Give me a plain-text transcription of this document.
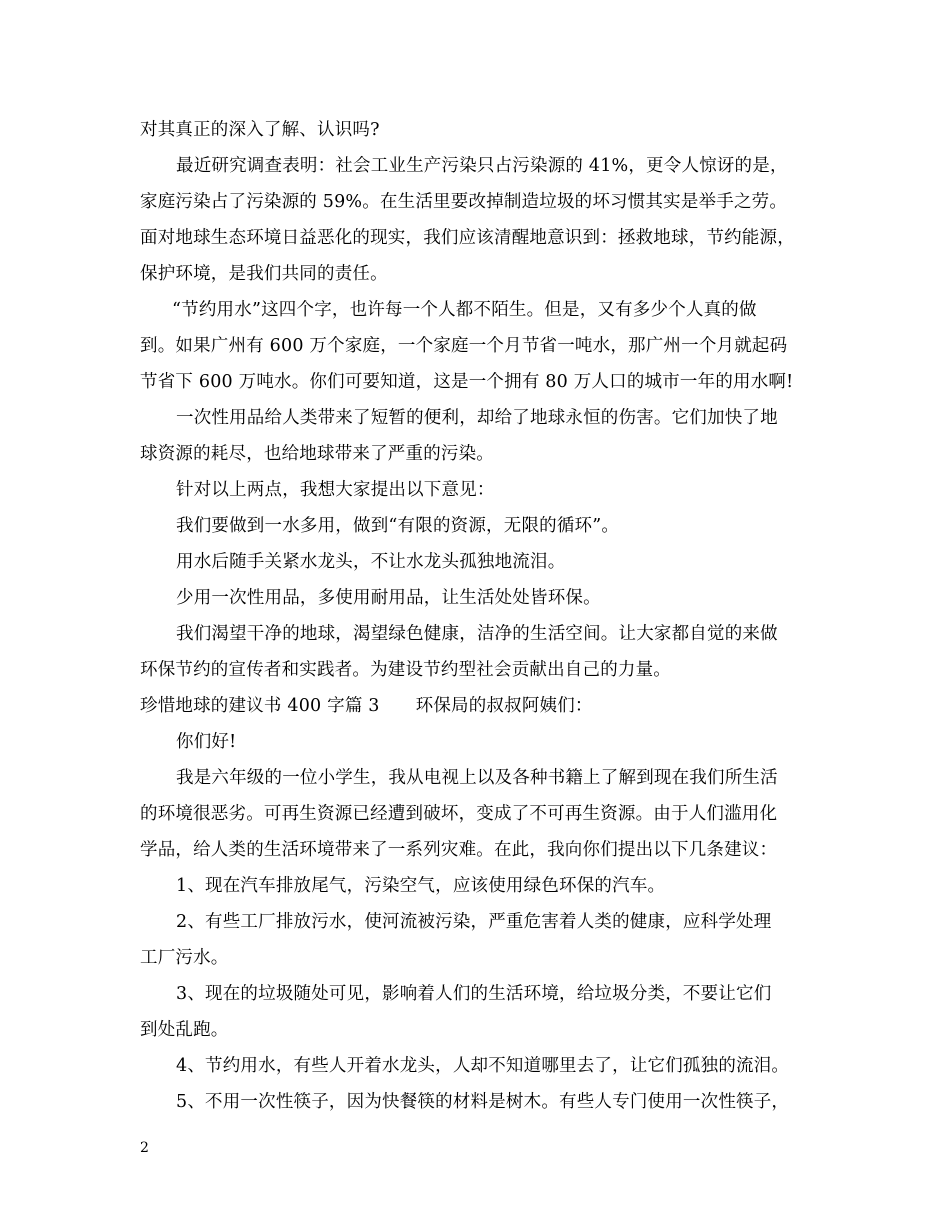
对其真正的深入了解、认识吗?
最近研究调查表明：社会工业生产污染只占污染源的 41%，更令人惊讶的是，
家庭污染占了污染源的 59%。在生活里要改掉制造垃圾的坏习惯其实是举手之劳。
面对地球生态环境日益恶化的现实，我们应该清醒地意识到：拯救地球，节约能源，
保护环境，是我们共同的责任。
“节约用水”这四个字，也许每一个人都不陌生。但是，又有多少个人真的做
到。如果广州有 600 万个家庭，一个家庭一个月节省一吨水，那广州一个月就起码
节省下 600 万吨水。你们可要知道，这是一个拥有 80 万人口的城市一年的用水啊!
一次性用品给人类带来了短暂的便利，却给了地球永恒的伤害。它们加快了地
球资源的耗尽，也给地球带来了严重的污染。
针对以上两点，我想大家提出以下意见：
我们要做到一水多用，做到“有限的资源，无限的循环”。
用水后随手关紧水龙头，不让水龙头孤独地流泪。
少用一次性用品，多使用耐用品，让生活处处皆环保。
我们渴望干净的地球，渴望绿色健康，洁净的生活空间。让大家都自觉的来做
环保节约的宣传者和实践者。为建设节约型社会贡献出自己的力量。
珍惜地球的建议书 400 字篇 3 环保局的叔叔阿姨们：
你们好!
我是六年级的一位小学生，我从电视上以及各种书籍上了解到现在我们所生活
的环境很恶劣。可再生资源已经遭到破坏，变成了不可再生资源。由于人们滥用化
学品，给人类的生活环境带来了一系列灾难。在此，我向你们提出以下几条建议：
1、现在汽车排放尾气，污染空气，应该使用绿色环保的汽车。
2、有些工厂排放污水，使河流被污染，严重危害着人类的健康，应科学处理
工厂污水。
3、现在的垃圾随处可见，影响着人们的生活环境，给垃圾分类，不要让它们
到处乱跑。
4、节约用水，有些人开着水龙头，人却不知道哪里去了，让它们孤独的流泪。
5、不用一次性筷子，因为快餐筷的材料是树木。有些人专门使用一次性筷子，
2
